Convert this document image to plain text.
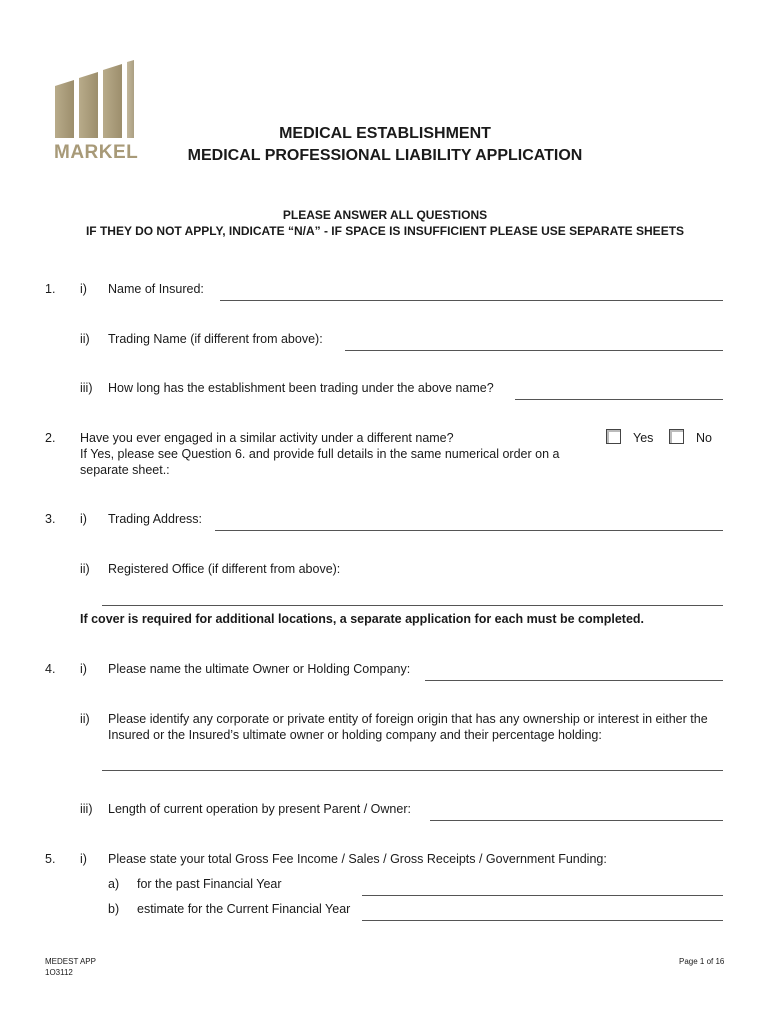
MARKEL
MEDICAL ESTABLISHMENT
MEDICAL PROFESSIONAL LIABILITY APPLICATION
PLEASE ANSWER ALL QUESTIONS
IF THEY DO NOT APPLY, INDICATE “N/A” - IF SPACE IS INSUFFICIENT PLEASE USE SEPARATE SHEETS
1. i) Name of Insured:
ii) Trading Name (if different from above):
iii) How long has the establishment been trading under the above name?
2. Have you ever engaged in a similar activity under a different name?
If Yes, please see Question 6. and provide full details in the same numerical order on a
separate sheet.:
Yes	No
3. i) Trading Address:
ii) Registered Office (if different from above):
If cover is required for additional locations, a separate application for each must be completed.
4. i) Please name the ultimate Owner or Holding Company:
ii) Please identify any corporate or private entity of foreign origin that has any ownership or interest in either the
Insured or the Insured’s ultimate owner or holding company and their percentage holding:
iii) Length of current operation by present Parent / Owner:
5. i) Please state your total Gross Fee Income / Sales / Gross Receipts / Government Funding:
a) for the past Financial Year
b) estimate for the Current Financial Year
MEDEST APP
1O3112
Page 1 of 16
